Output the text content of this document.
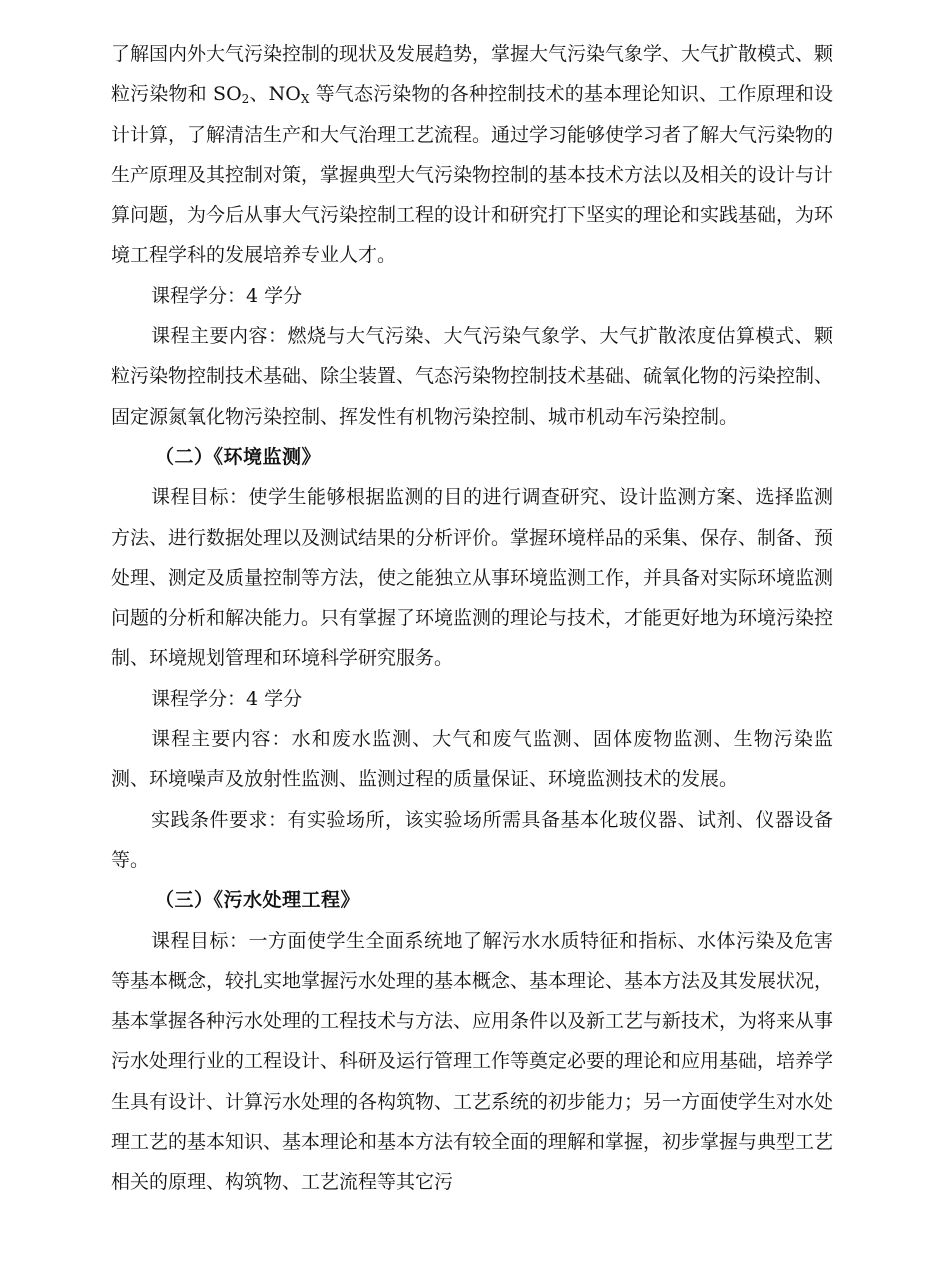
了解国内外大气污染控制的现状及发展趋势，掌握大气污染气象学、大气扩散模式、颗粒污染物和 $SO_2$、$NO_X$ 等气态污染物的各种控制技术的基本理论知识、工作原理和设计计算，了解清洁生产和大气治理工艺流程。通过学习能够使学习者了解大气污染物的生产原理及其控制对策，掌握典型大气污染物控制的基本技术方法以及相关的设计与计算问题，为今后从事大气污染控制工程的设计和研究打下坚实的理论和实践基础，为环境工程学科的发展培养专业人才。

课程学分：4 学分

课程主要内容：燃烧与大气污染、大气污染气象学、大气扩散浓度估算模式、颗粒污染物控制技术基础、除尘装置、气态污染物控制技术基础、硫氧化物的污染控制、固定源氮氧化物污染控制、挥发性有机物污染控制、城市机动车污染控制。

（二）《环境监测》

课程目标：使学生能够根据监测的目的进行调查研究、设计监测方案、选择监测方法、进行数据处理以及测试结果的分析评价。掌握环境样品的采集、保存、制备、预处理、测定及质量控制等方法，使之能独立从事环境监测工作，并具备对实际环境监测问题的分析和解决能力。只有掌握了环境监测的理论与技术，才能更好地为环境污染控制、环境规划管理和环境科学研究服务。

课程学分：4 学分

课程主要内容：水和废水监测、大气和废气监测、固体废物监测、生物污染监测、环境噪声及放射性监测、监测过程的质量保证、环境监测技术的发展。

实践条件要求：有实验场所，该实验场所需具备基本化玻仪器、试剂、仪器设备等。

（三）《污水处理工程》

课程目标：一方面使学生全面系统地了解污水水质特征和指标、水体污染及危害等基本概念，较扎实地掌握污水处理的基本概念、基本理论、基本方法及其发展状况，基本掌握各种污水处理的工程技术与方法、应用条件以及新工艺与新技术，为将来从事污水处理行业的工程设计、科研及运行管理工作等奠定必要的理论和应用基础，培养学生具有设计、计算污水处理的各构筑物、工艺系统的初步能力；另一方面使学生对水处理工艺的基本知识、基本理论和基本方法有较全面的理解和掌握，初步掌握与典型工艺相关的原理、构筑物、工艺流程等其它污
